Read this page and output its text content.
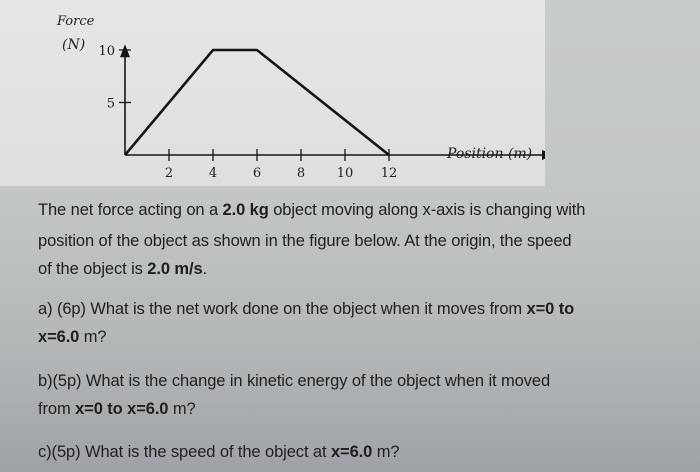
Force
(N)
Position (m)
2	4	6	8 10 12
5
10
The net force acting on a 2.0 kg object moving along x-axis is changing with
position of the object as shown in the figure below. At the origin, the speed
of the object is 2.0 m/s.
a) (6p) What is the net work done on the object when it moves from x=0 to
x=6.0 m?
b)(5p) What is the change in kinetic energy of the object when it moved
from x=0 to x=6.0 m?
c)(5p) What is the speed of the object at x=6.0 m?
